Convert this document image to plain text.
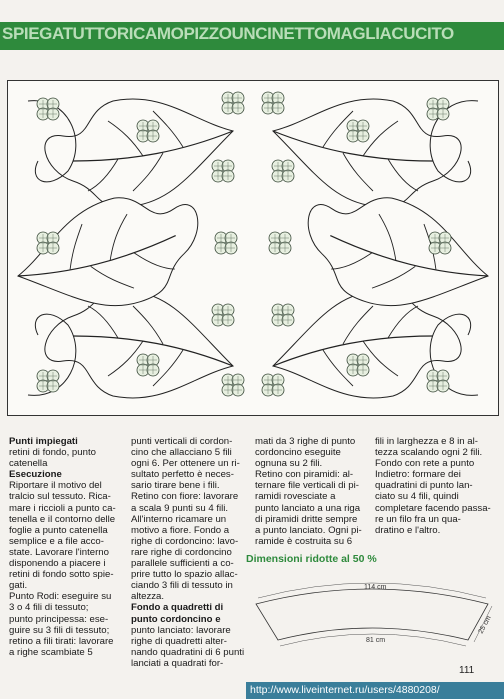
SPIEGATUTTORICAMOPIZZOUNCINETTOMAGLIACUCITO
Punti impiegati
retini di fondo, punto
catenella
Esecuzione
Riportare il motivo del
tralcio sul tessuto. Rica-
mare i riccioli a punto ca-
tenella e il contorno delle
foglie a punto catenella
semplice e a file acco-
state. Lavorare l'interno
disponendo a piacere i
retini di fondo sotto spie-
gati.
Punto Rodi: eseguire su
3 o 4 fili di tessuto;
punto principessa: ese-
guire su 3 fili di tessuto;
retino a fili tirati: lavorare
a righe scambiate 5
punti verticali di cordon-
cino che allacciano 5 fili
ogni 6. Per ottenere un ri-
sultato perfetto è neces-
sario tirare bene i fili.
Retino con fiore: lavorare
a scala 9 punti su 4 fili.
All'interno ricamare un
motivo a fiore. Fondo a
righe di cordoncino: lavo-
rare righe di cordoncino
parallele sufficienti a co-
prire tutto lo spazio allac-
ciando 3 fili di tessuto in
altezza.
Fondo a quadretti di
punto cordoncino e
punto lanciato: lavorare
righe di quadretti alter-
nando quadratini di 6 punti
lanciati a quadrati for-
mati da 3 righe di punto
cordoncino eseguite
ognuna su 2 fili.
Retino con piramidi: al-
ternare file verticali di pi-
ramidi rovesciate a
punto lanciato a una riga
di piramidi dritte sempre
a punto lanciato. Ogni pi-
ramide è costruita su 6
fili in larghezza e 8 in al-
tezza scalando ogni 2 fili.
Fondo con rete a punto
Indietro: formare dei
quadratini di punto lan-
ciato su 4 fili, quindi
completare facendo passa-
re un filo fra un qua-
dratino e l'altro.
Dimensioni ridotte al 50 %
114 cm
81 cm
25 cm
111
http://www.liveinternet.ru/users/4880208/
